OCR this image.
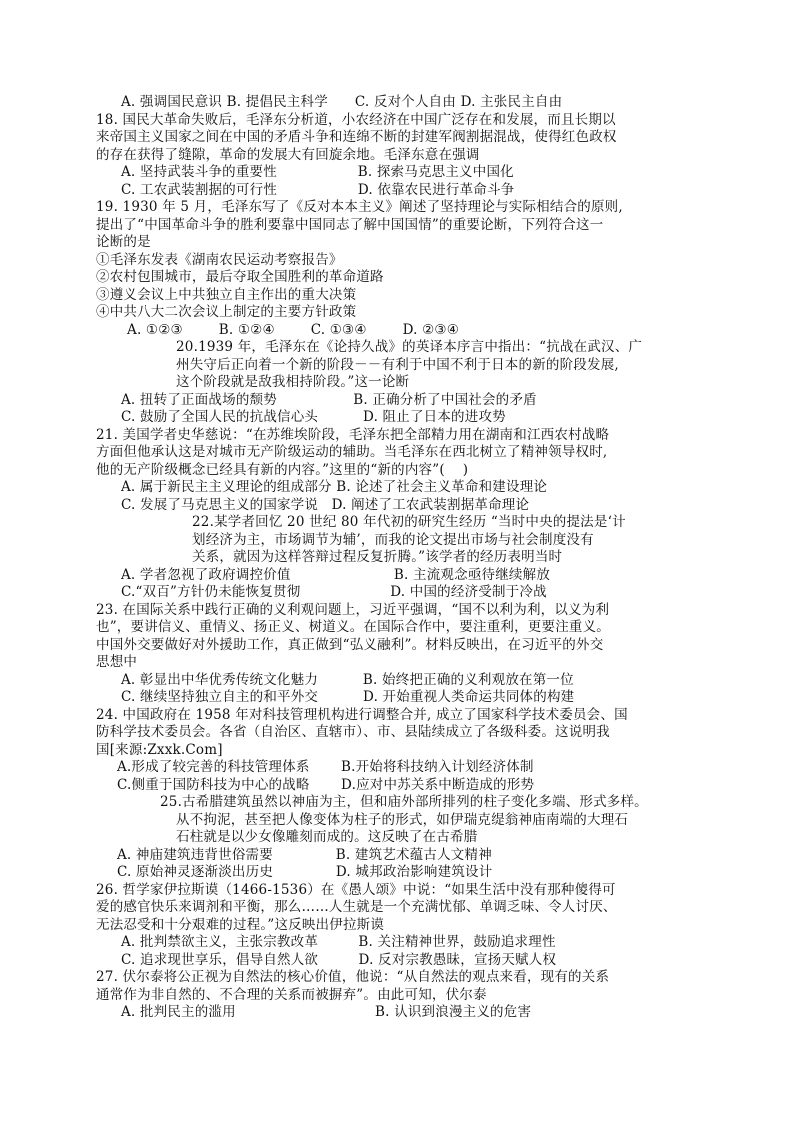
A. 强调国民意识 B. 提倡民主科学      C. 反对个人自由 D. 主张民主自由
18. 国民大革命失败后，毛泽东分析道，小农经济在中国广泛存在和发展，而且长期以
来帝国主义国家之间在中国的矛盾斗争和连绵不断的封建军阀割据混战，使得红色政权
的存在获得了缝隙，革命的发展大有回旋余地。毛泽东意在强调
A. 坚持武装斗争的重要性                  B. 探索马克思主义中国化
C. 工农武装割据的可行性                  D. 依靠农民进行革命斗争
19. 1930 年 5 月，毛泽东写了《反对本本主义》阐述了坚持理论与实际相结合的原则,
提出了“中国革命斗争的胜利要靠中国同志了解中国国情”的重要论断，下列符合这一
论断的是
①毛泽东发表《湖南农民运动考察报告》
②农村包围城市，最后夺取全国胜利的革命道路
③遵义会议上中共独立自主作出的重大决策
④中共八大二次会议上制定的主要方针政策
A. ①②③        B. ①②④        C. ①③④        D. ②③④
20.1939 年，毛泽东在《论持久战》的英译本序言中指出：“抗战在武汉、广
州失守后正向着一个新的阶段－－有利于中国不利于日本的新的阶段发展,
这个阶段就是敌我相持阶段。”这一论断
A. 扭转了正面战场的颓势                 B. 正确分析了中国社会的矛盾
C. 鼓励了全国人民的抗战信心头          D. 阻止了日本的进攻势
21. 美国学者史华慈说：“在苏维埃阶段，毛泽东把全部精力用在湖南和江西农村战略
方面但他承认这是对城市无产阶级运动的辅助。当毛泽东在西北树立了精神领导权时,
他的无产阶级概念已经具有新的内容。”这里的“新的内容”(    )
A. 属于新民主主义理论的组成部分 B. 论述了社会主义革命和建设理论
C. 发展了马克思主义的国家学说   D. 阐述了工农武装割据革命理论
22.某学者回忆 20 世纪 80 年代初的研究生经历 “当时中央的提法是‘计
划经济为主，市场调节为辅’，而我的论文提出市场与社会制度没有
关系，就因为这样答辩过程反复折腾。”该学者的经历表明当时
A. 学者忽视了政府调控价值                       B. 主流观念亟待继续解放
C.“双百”方针仍未能恢复贯彻                    D. 中国的经济受制于冷战
23. 在国际关系中践行正确的义利观问题上，习近平强调，“国不以利为利，以义为利
也”，要讲信义、重情义、扬正义、树道义。在国际合作中，要注重利，更要注重义。
中国外交要做好对外援助工作，真正做到“弘义融利”。材料反映出，在习近平的外交
思想中
A. 彰显出中华优秀传统文化魅力          B. 始终把正确的义利观放在第一位
C. 继续坚持独立自主的和平外交          D. 开始重视人类命运共同体的构建
24. 中国政府在 1958 年对科技管理机构进行调整合并, 成立了国家科学技术委员会、国
防科学技术委员会。各省（自治区、直辖市）、市、县陆续成立了各级科委。这说明我
国[来源:Zxxk.Com]
A.形成了较完善的科技管理体系       B.开始将科技纳入计划经济体制
C.侧重于国防科技为中心的战略       D.应对中苏关系中断造成的形势
25.古希腊建筑虽然以神庙为主，但和庙外部所排列的柱子变化多端、形式多样。
从不拘泥，甚至把人像变体为柱子的形式，如伊瑞克缇翁神庙南端的大理石
石柱就是以少女像雕刻而成的。这反映了在古希腊
A. 神庙建筑违背世俗需要              B. 建筑艺术蕴古人文精神
C. 原始神灵逐渐淡出历史              D. 城邦政治影响建筑设计
26. 哲学家伊拉斯谟（1466-1536）在《愚人颂》中说：“如果生活中没有那种傻得可
爱的感官快乐来调剂和平衡，那么……人生就是一个充满忧郁、单调乏味、令人讨厌、
无法忍受和十分艰难的过程。”这反映出伊拉斯谟
A. 批判禁欲主义，主张宗教改革         B. 关注精神世界，鼓励追求理性
C. 追求现世享乐，倡导自然人欲         D. 反对宗教愚昧，宣扬天赋人权
27. 伏尔泰将公正视为自然法的核心价值，他说：“从自然法的观点来看，现有的关系
通常作为非自然的、不合理的关系而被摒弃”。由此可知，伏尔泰
A. 批判民主的滥用                               B. 认识到浪漫主义的危害
